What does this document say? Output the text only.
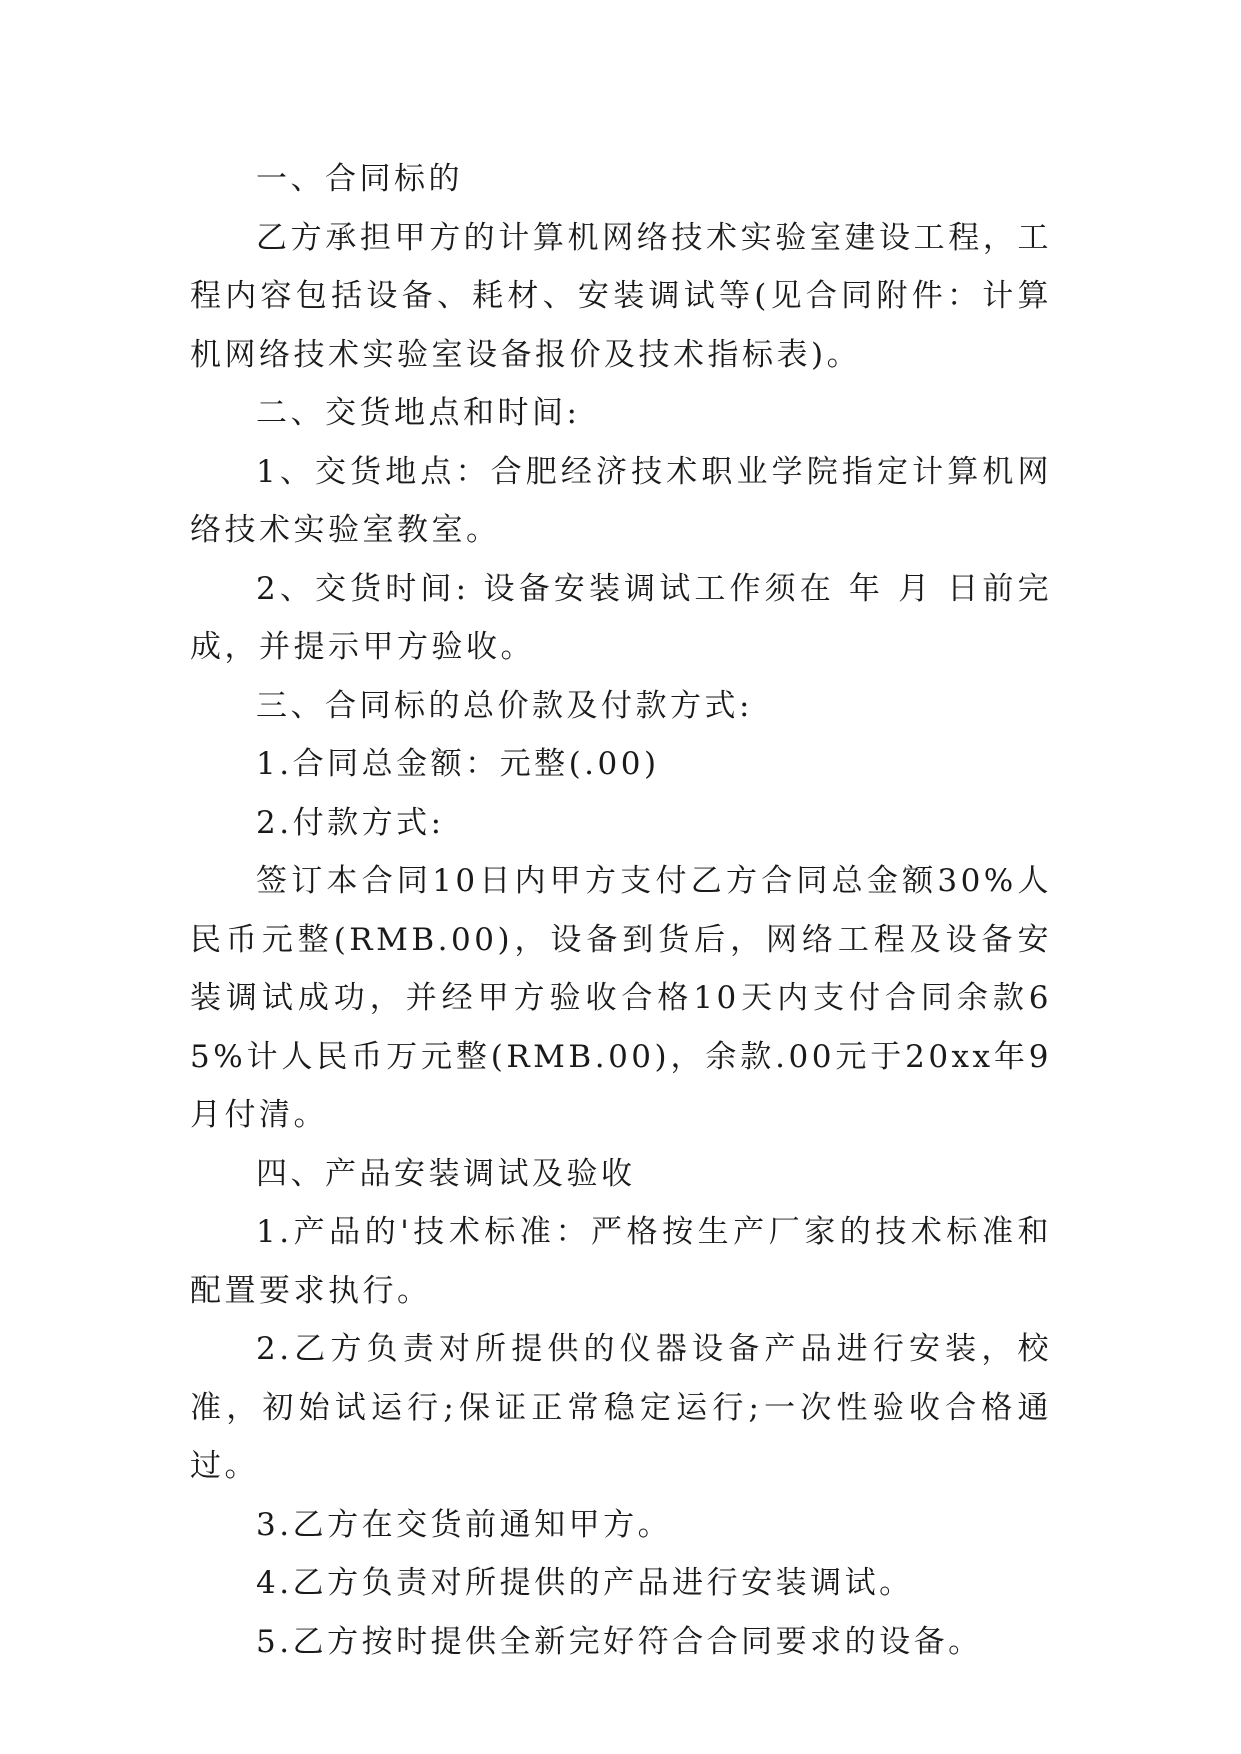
一、合同标的

乙方承担甲方的计算机网络技术实验室建设工程，工程内容包括设备、耗材、安装调试等(见合同附件：计算机网络技术实验室设备报价及技术指标表)。

二、交货地点和时间:

1、交货地点：合肥经济技术职业学院指定计算机网络技术实验室教室。

2、交货时间: 设备安装调试工作须在 年 月 日前完成，并提示甲方验收。

三、合同标的总价款及付款方式:

1.合同总金额：元整(.00)

2.付款方式:

签订本合同10日内甲方支付乙方合同总金额30%人民币元整(RMB.00)，设备到货后，网络工程及设备安装调试成功，并经甲方验收合格10天内支付合同余款65%计人民币万元整(RMB.00)，余款.00元于20xx年9月付清。

四、产品安装调试及验收

1.产品的'技术标准：严格按生产厂家的技术标准和配置要求执行。

2.乙方负责对所提供的仪器设备产品进行安装，校准，初始试运行;保证正常稳定运行;一次性验收合格通过。

3.乙方在交货前通知甲方。

4.乙方负责对所提供的产品进行安装调试。

5.乙方按时提供全新完好符合合同要求的设备。
